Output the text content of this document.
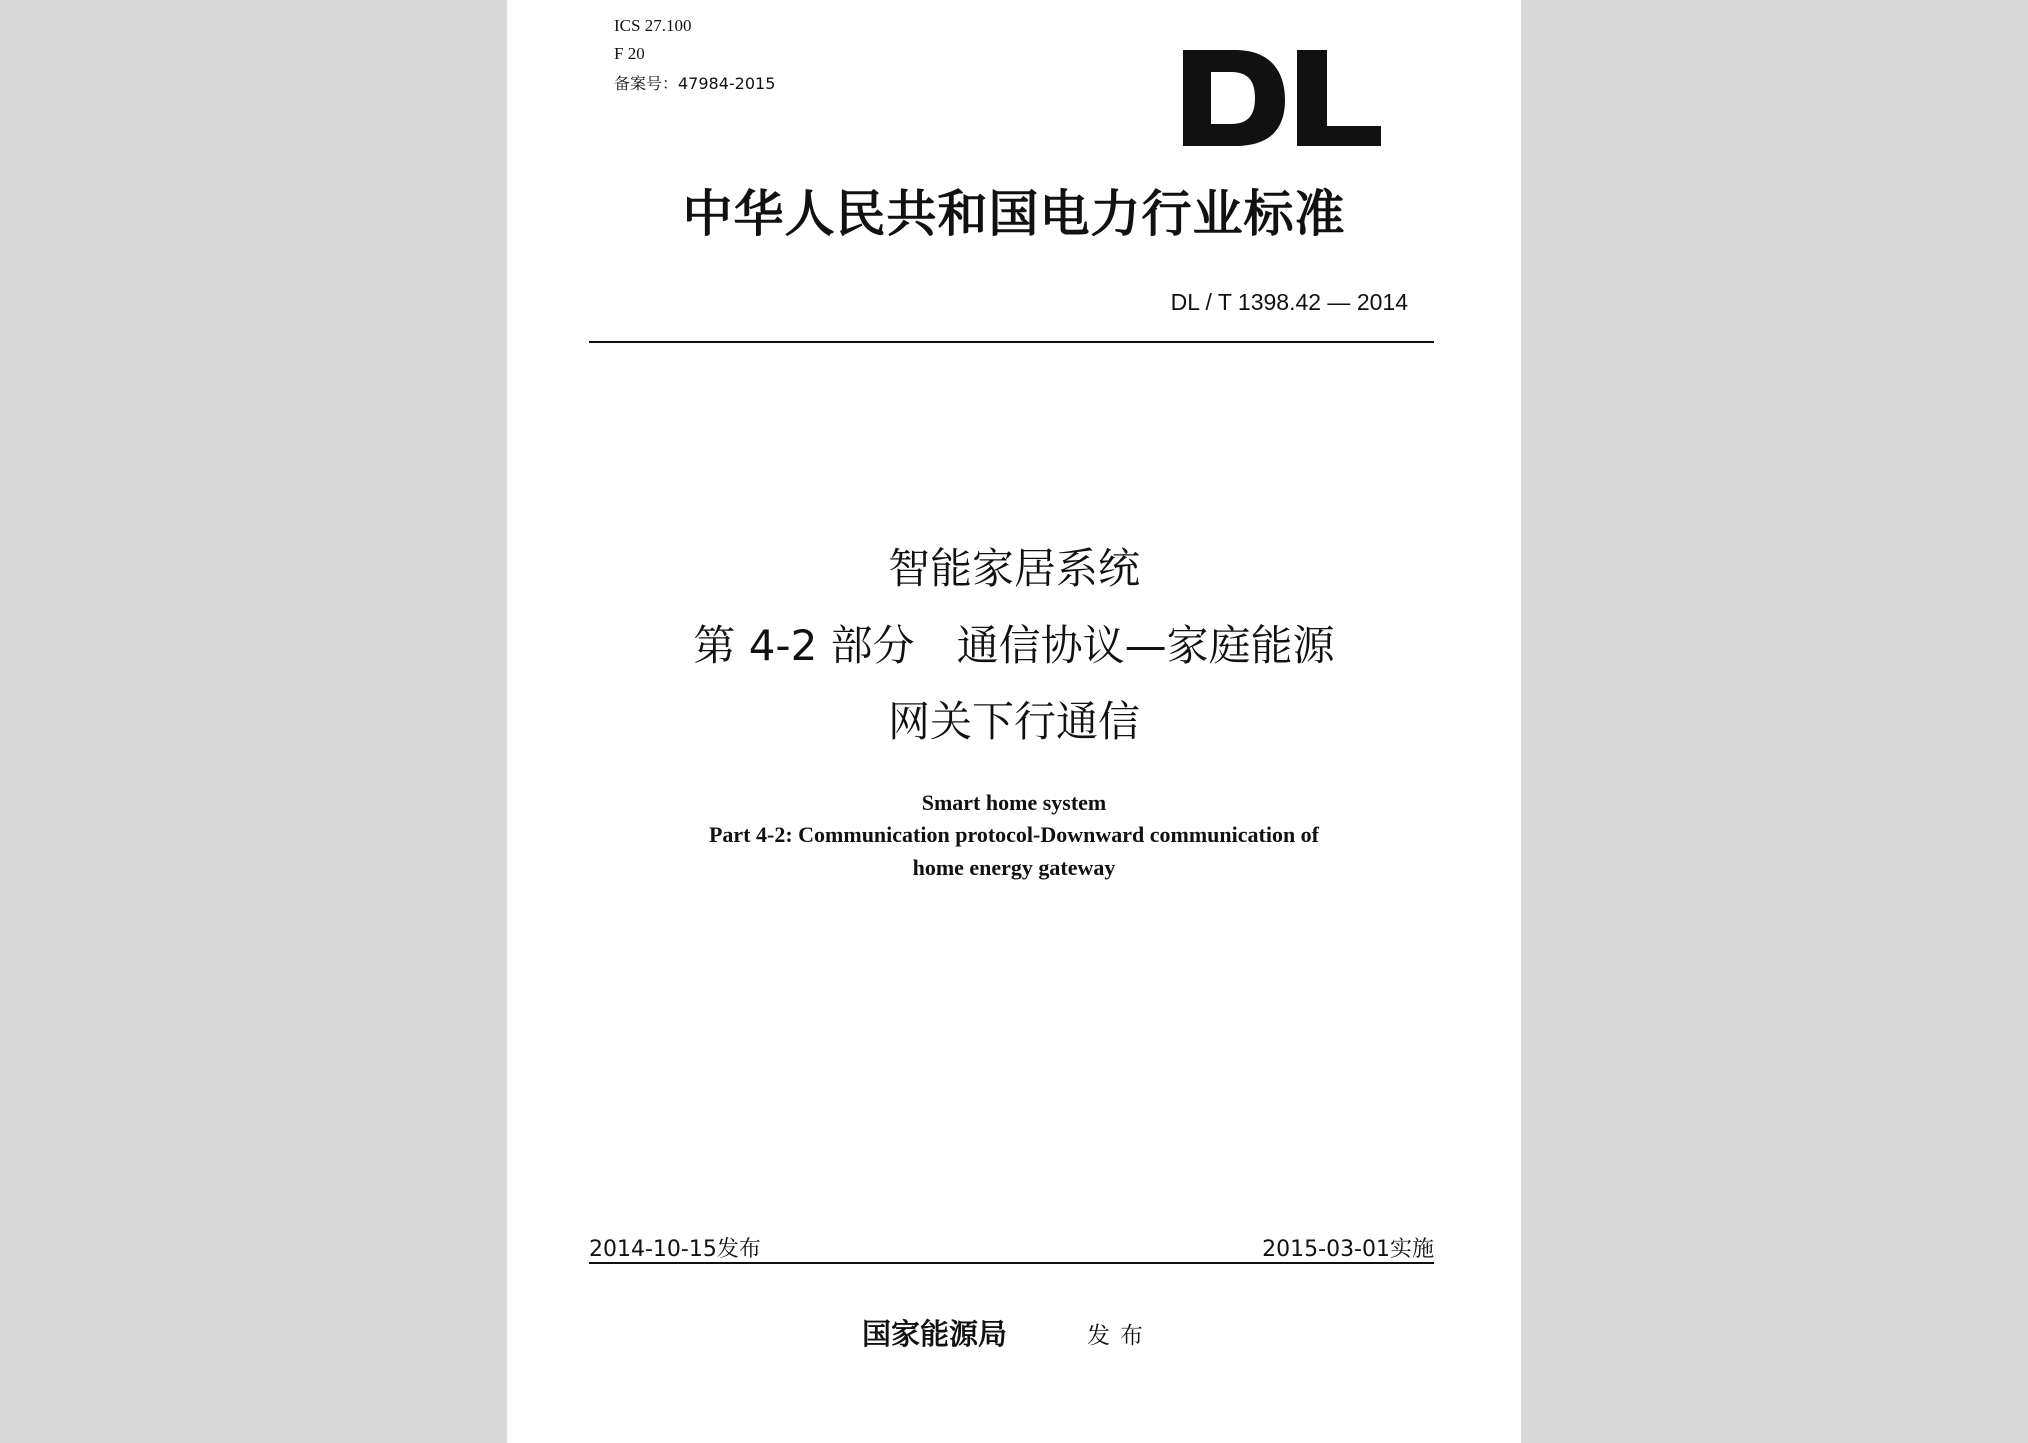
ICS 27.100
F 20
备案号：47984-2015
中华人民共和国电力行业标准
DL / T 1398.42 — 2014
智能家居系统
第 4-2 部分　通信协议—家庭能源
网关下行通信
Smart home system
Part 4-2: Communication protocol-Downward communication of
home energy gateway
2014-10-15发布	2015-03-01实施
国家能源局	发布
